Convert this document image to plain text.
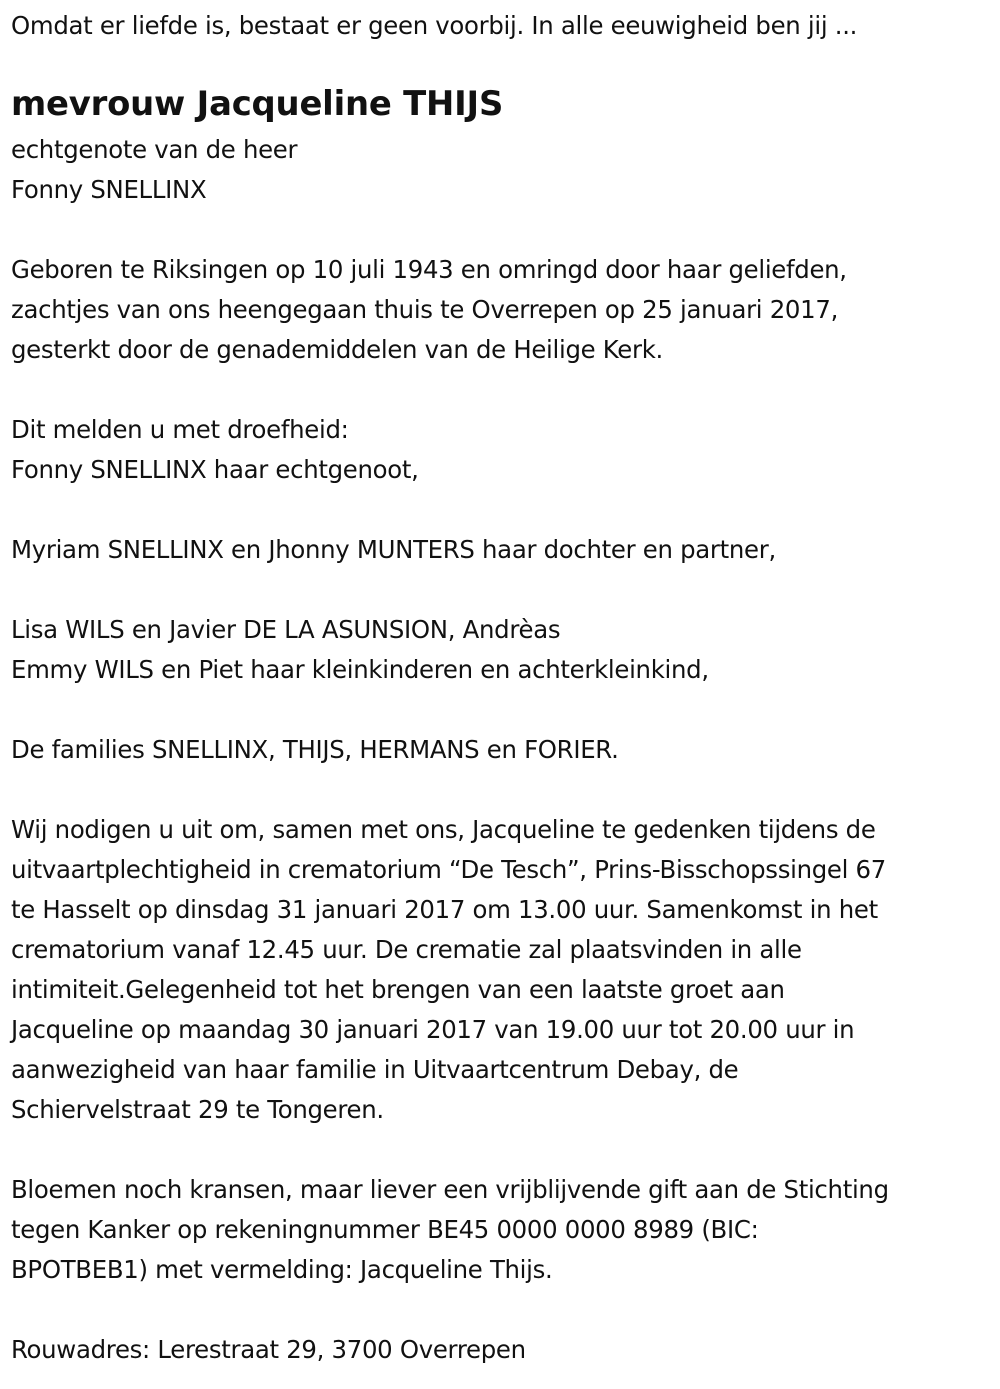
Omdat er liefde is, bestaat er geen voorbij. In alle eeuwigheid ben jij ...
mevrouw Jacqueline THIJS
echtgenote van de heer
Fonny SNELLINX
Geboren te Riksingen op 10 juli 1943 en omringd door haar geliefden,
zachtjes van ons heengegaan thuis te Overrepen op 25 januari 2017,
gesterkt door de genademiddelen van de Heilige Kerk.
Dit melden u met droefheid:
Fonny SNELLINX haar echtgenoot,
Myriam SNELLINX en Jhonny MUNTERS haar dochter en partner,
Lisa WILS en Javier DE LA ASUNSION, Andrèas
Emmy WILS en Piet haar kleinkinderen en achterkleinkind,
De families SNELLINX, THIJS, HERMANS en FORIER.
Wij nodigen u uit om, samen met ons, Jacqueline te gedenken tijdens de
uitvaartplechtigheid in crematorium “De Tesch”, Prins-Bisschopssingel 67
te Hasselt op dinsdag 31 januari 2017 om 13.00 uur. Samenkomst in het
crematorium vanaf 12.45 uur. De crematie zal plaatsvinden in alle
intimiteit.Gelegenheid tot het brengen van een laatste groet aan
Jacqueline op maandag 30 januari 2017 van 19.00 uur tot 20.00 uur in
aanwezigheid van haar familie in Uitvaartcentrum Debay, de
Schiervelstraat 29 te Tongeren.
Bloemen noch kransen, maar liever een vrijblijvende gift aan de Stichting
tegen Kanker op rekeningnummer BE45 0000 0000 8989 (BIC:
BPOTBEB1) met vermelding: Jacqueline Thijs.
Rouwadres: Lerestraat 29, 3700 Overrepen
